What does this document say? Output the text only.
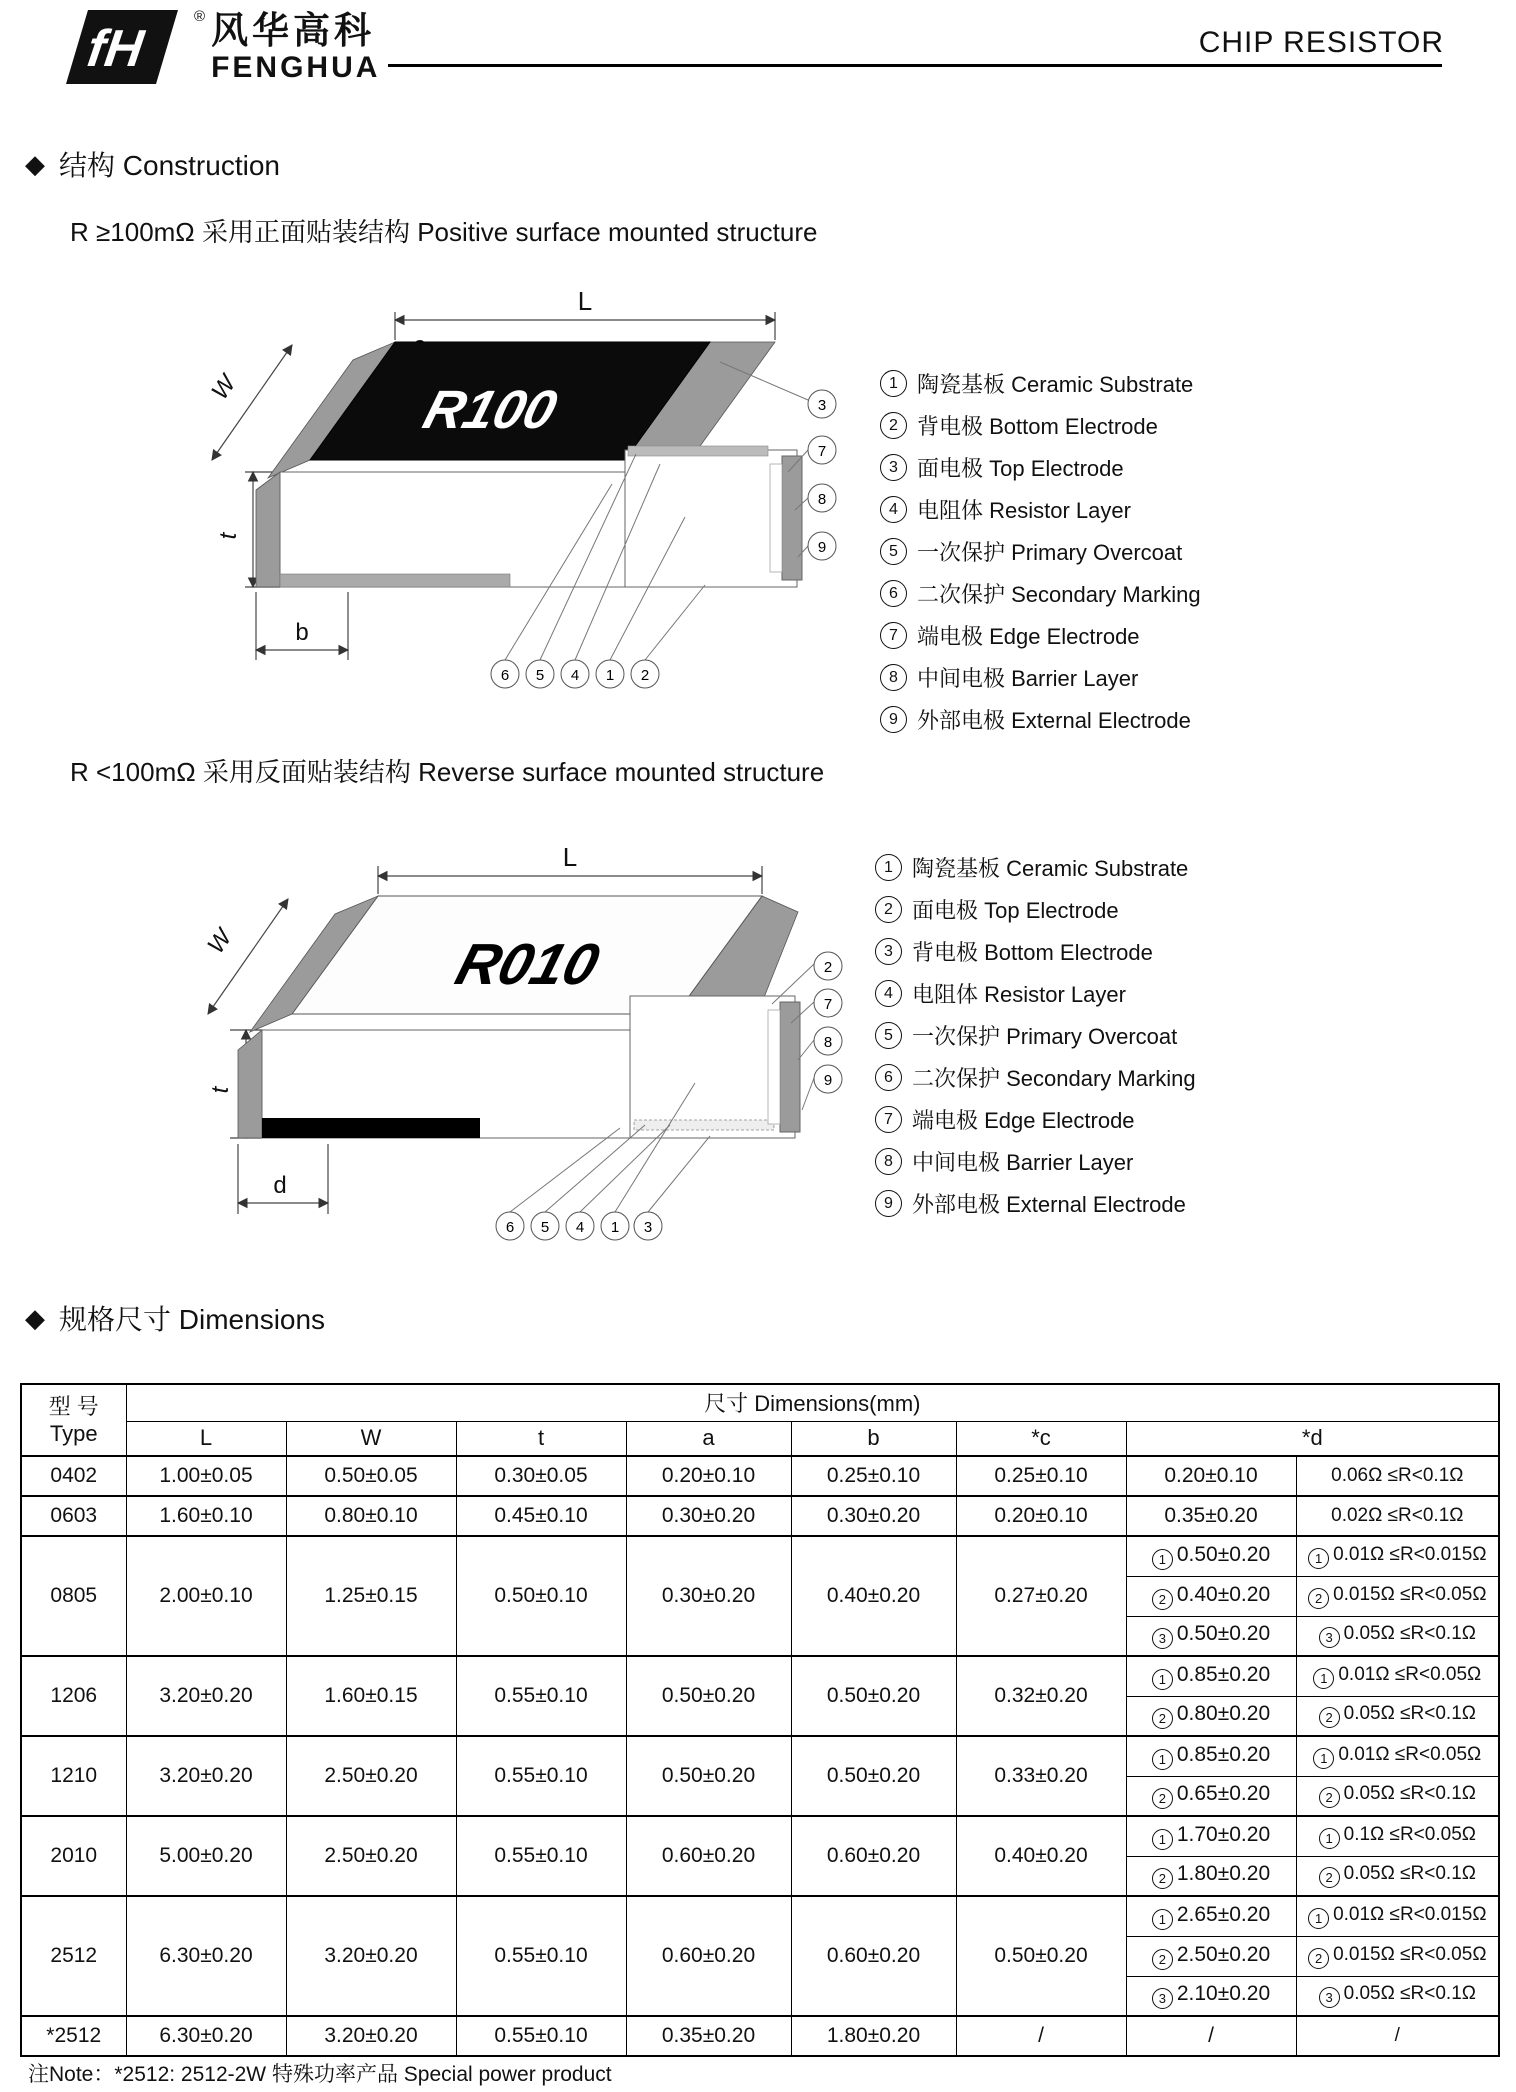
fH
® 风华高科
FENGHUA
CHIP RESISTOR
◆ 结构 Construction
R ≥100mΩ 采用正面贴装结构 Positive surface mounted structure
L
W
t
b
R100	3
7
8
9
6 5 4 1 2
1 陶瓷基板 Ceramic Substrate
2 背电极 Bottom Electrode
3 面电极 Top Electrode
4 电阻体 Resistor Layer
5 一次保护 Primary Overcoat
6 二次保护 Secondary Marking
7 端电极 Edge Electrode
8 中间电极 Barrier Layer
9 外部电极 External Electrode
R <100mΩ 采用反面贴装结构 Reverse surface mounted structure
L
W
t
d
R010	2
7
8
9
6 5 4 1 3
1 陶瓷基板 Ceramic Substrate
2 面电极 Top Electrode
3 背电极 Bottom Electrode
4 电阻体 Resistor Layer
5 一次保护 Primary Overcoat
6 二次保护 Secondary Marking
7 端电极 Edge Electrode
8 中间电极 Barrier Layer
9 外部电极 External Electrode
◆ 规格尺寸 Dimensions
型 号
Type	尺寸 Dimensions(mm)							
	L	W	t	a	b	*c	*d	
0402	1.00±0.05	0.50±0.05	0.30±0.05	0.20±0.10	0.25±0.10	0.25±0.10	0.20±0.10	0.06Ω ≤R<0.1Ω
0603	1.60±0.10	0.80±0.10	0.45±0.10	0.30±0.20	0.30±0.20	0.20±0.10	0.35±0.20	0.02Ω ≤R<0.1Ω
0805	2.00±0.10	1.25±0.15	0.50±0.10	0.30±0.20	0.40±0.20	0.27±0.20	1 0.50±0.20	1 0.01Ω ≤R<0.015Ω
							2 0.40±0.20	2 0.015Ω ≤R<0.05Ω
							3 0.50±0.20	3 0.05Ω ≤R<0.1Ω
1206	3.20±0.20	1.60±0.15	0.55±0.10	0.50±0.20	0.50±0.20	0.32±0.20	1 0.85±0.20	1 0.01Ω ≤R<0.05Ω
							2 0.80±0.20	2 0.05Ω ≤R<0.1Ω
1210	3.20±0.20	2.50±0.20	0.55±0.10	0.50±0.20	0.50±0.20	0.33±0.20	1 0.85±0.20	1 0.01Ω ≤R<0.05Ω
							2 0.65±0.20	2 0.05Ω ≤R<0.1Ω
2010	5.00±0.20	2.50±0.20	0.55±0.10	0.60±0.20	0.60±0.20	0.40±0.20	1 1.70±0.20	1 0.1Ω ≤R<0.05Ω
							2 1.80±0.20	2 0.05Ω ≤R<0.1Ω
2512	6.30±0.20	3.20±0.20	0.55±0.10	0.60±0.20	0.60±0.20	0.50±0.20	1 2.65±0.20	1 0.01Ω ≤R<0.015Ω
							2 2.50±0.20	2 0.015Ω ≤R<0.05Ω
							3 2.10±0.20	3 0.05Ω ≤R<0.1Ω
*2512	6.30±0.20	3.20±0.20	0.55±0.10	0.35±0.20	1.80±0.20	/	/	/
注Note：*2512: 2512-2W 特殊功率产品 Special power product
